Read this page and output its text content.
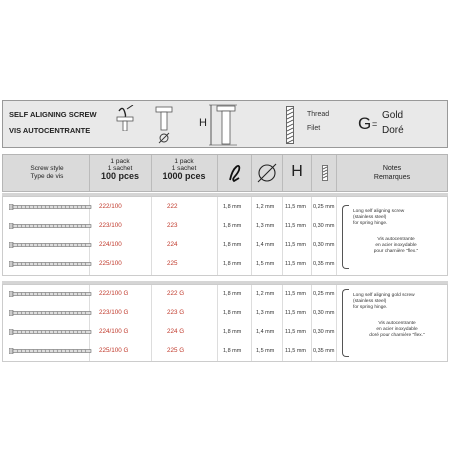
SELF ALIGNING SCREW
VIS AUTOCENTRANTE
H
Thread
Filet G =
Gold
Doré
Screw style
Type de vis
1 pack
1 sachet
100 pces
1 pack
1 sachet
1000 pces	H	Notes
Remarques
222/100	222	1,8 mm	1,2 mm 11,5 mm 0,25 mm
223/100	223	1,8 mm	1,3 mm 11,5 mm 0,30 mm
224/100	224	1,8 mm	1,4 mm 11,5 mm 0,30 mm
225/100	225	1,8 mm	1,5 mm 11,5 mm 0,35 mm
Long self aligning screw
(stainless steel)
for spring hinge.
Vis autocentrante
en acier inoxydable
pour charnière "flex."
222/100 G	222 G	1,8 mm	1,2 mm 11,5 mm 0,25 mm
223/100 G	223 G	1,8 mm	1,3 mm 11,5 mm 0,30 mm
224/100 G	224 G	1,8 mm	1,4 mm 11,5 mm 0,30 mm
225/100 G	225 G	1,8 mm	1,5 mm 11,5 mm 0,35 mm
Long self aligning gold screw
(stainless steel)
for spring hinge.
Vis autocentrante
en acier inoxydable
doré pour charnière "flex."
